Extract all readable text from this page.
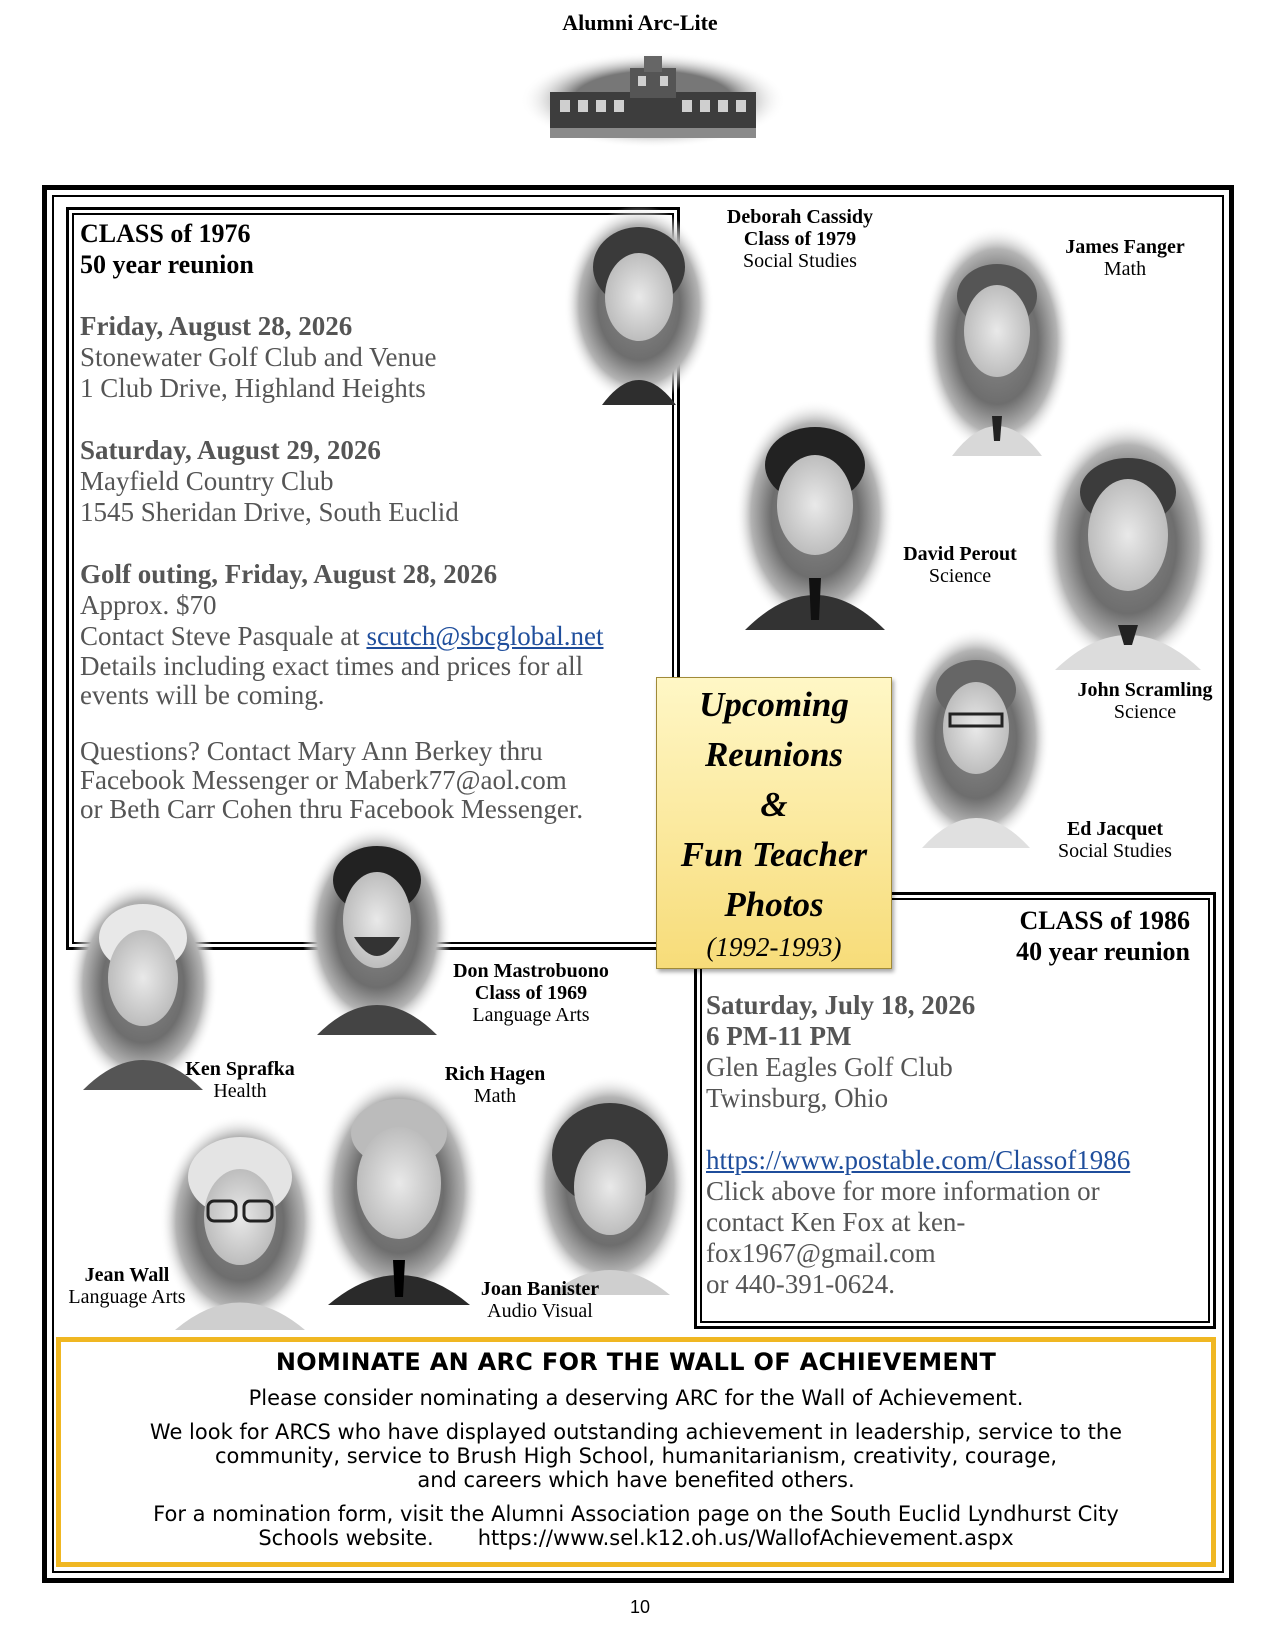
Alumni Arc-Lite
CLASS of 1976
50 year reunion
Friday, August 28, 2026
Stonewater Golf Club and Venue
1 Club Drive, Highland Heights
Saturday, August 29, 2026
Mayfield Country Club
1545 Sheridan Drive, South Euclid
Golf outing, Friday, August 28, 2026
Approx. $70
Contact Steve Pasquale at scutch@sbcglobal.net
Details including exact times and prices for all
events will be coming.
Questions? Contact Mary Ann Berkey thru
Facebook Messenger or Maberk77@aol.com
or Beth Carr Cohen thru Facebook Messenger.
CLASS of 1986
40 year reunion
Saturday, July 18, 2026
6 PM-11 PM
Glen Eagles Golf Club
Twinsburg, Ohio
https://www.postable.com/Classof1986
Click above for more information or
contact Ken Fox at ken-
fox1967@gmail.com
or 440-391-0624.
Deborah Cassidy
Class of 1979
Social Studies
James Fanger
Math
David Perout
Science
John Scramling
Science
Ed Jacquet
Social Studies
Don Mastrobuono
Class of 1969
Language Arts
Ken Sprafka
Health
Rich Hagen
Math
Jean Wall
Language Arts	Joan Banister
Audio Visual
Upcoming
Reunions
&
Fun Teacher
Photos
(1992-1993)
NOMINATE AN ARC FOR THE WALL OF ACHIEVEMENT
Please consider nominating a deserving ARC for the Wall of Achievement.
We look for ARCS who have displayed outstanding achievement in leadership, service to the
community, service to Brush High School, humanitarianism, creativity, courage,
and careers which have benefited others.
For a nomination form, visit the Alumni Association page on the South Euclid Lyndhurst City
Schools website. https://www.sel.k12.oh.us/WallofAchievement.aspx
10
